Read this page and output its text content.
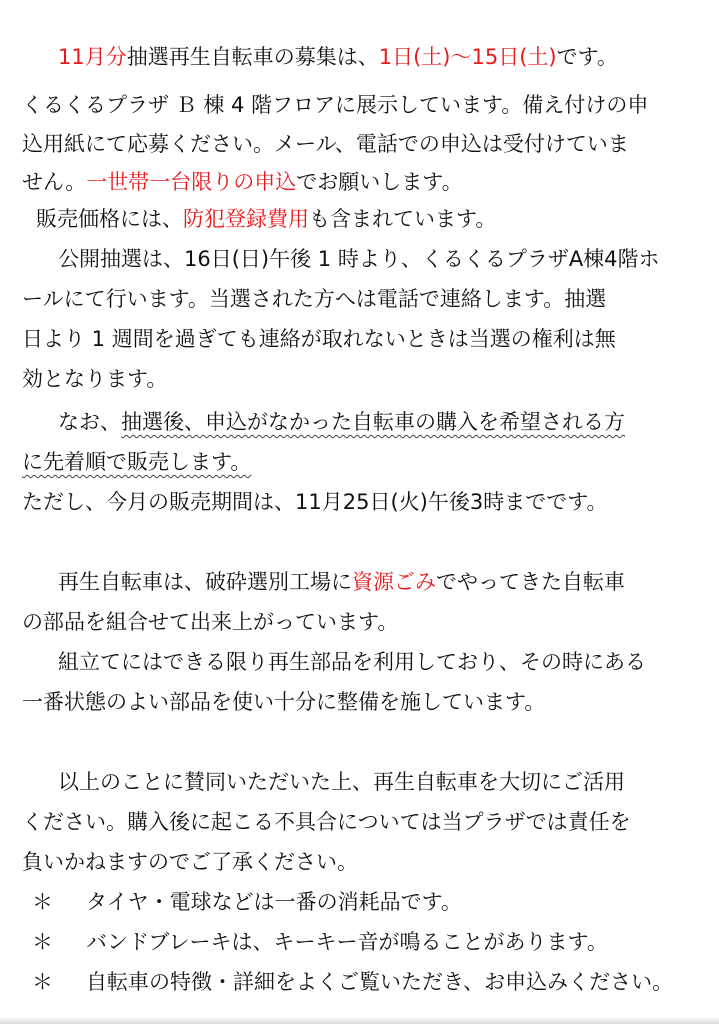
11月分抽選再生自転車の募集は、1日(土)～15日(土)です。
くるくるプラザ Ｂ 棟 4 階フロアに展示しています。備え付けの申
込用紙にて応募ください。メール、電話での申込は受付けていま
せん。一世帯一台限りの申込でお願いします。
販売価格には、防犯登録費用も含まれています。
公開抽選は、16日(日)午後 1 時より、くるくるプラザA棟4階ホ
ールにて行います。当選された方へは電話で連絡します。抽選
日より 1 週間を過ぎても連絡が取れないときは当選の権利は無
効となります。
なお、抽選後、申込がなかった自転車の購入を希望される方
に先着順で販売します。
ただし、今月の販売期間は、11月25日(火)午後3時までです。
再生自転車は、破砕選別工場に資源ごみでやってきた自転車
の部品を組合せて出来上がっています。
組立てにはできる限り再生部品を利用しており、その時にある
一番状態のよい部品を使い十分に整備を施しています。
以上のことに賛同いただいた上、再生自転車を大切にご活用
ください。購入後に起こる不具合については当プラザでは責任を
負いかねますのでご了承ください。
＊ タイヤ・電球などは一番の消耗品です。
＊ バンドブレーキは、キーキー音が鳴ることがあります。
＊ 自転車の特徴・詳細をよくご覧いただき、お申込みください。
